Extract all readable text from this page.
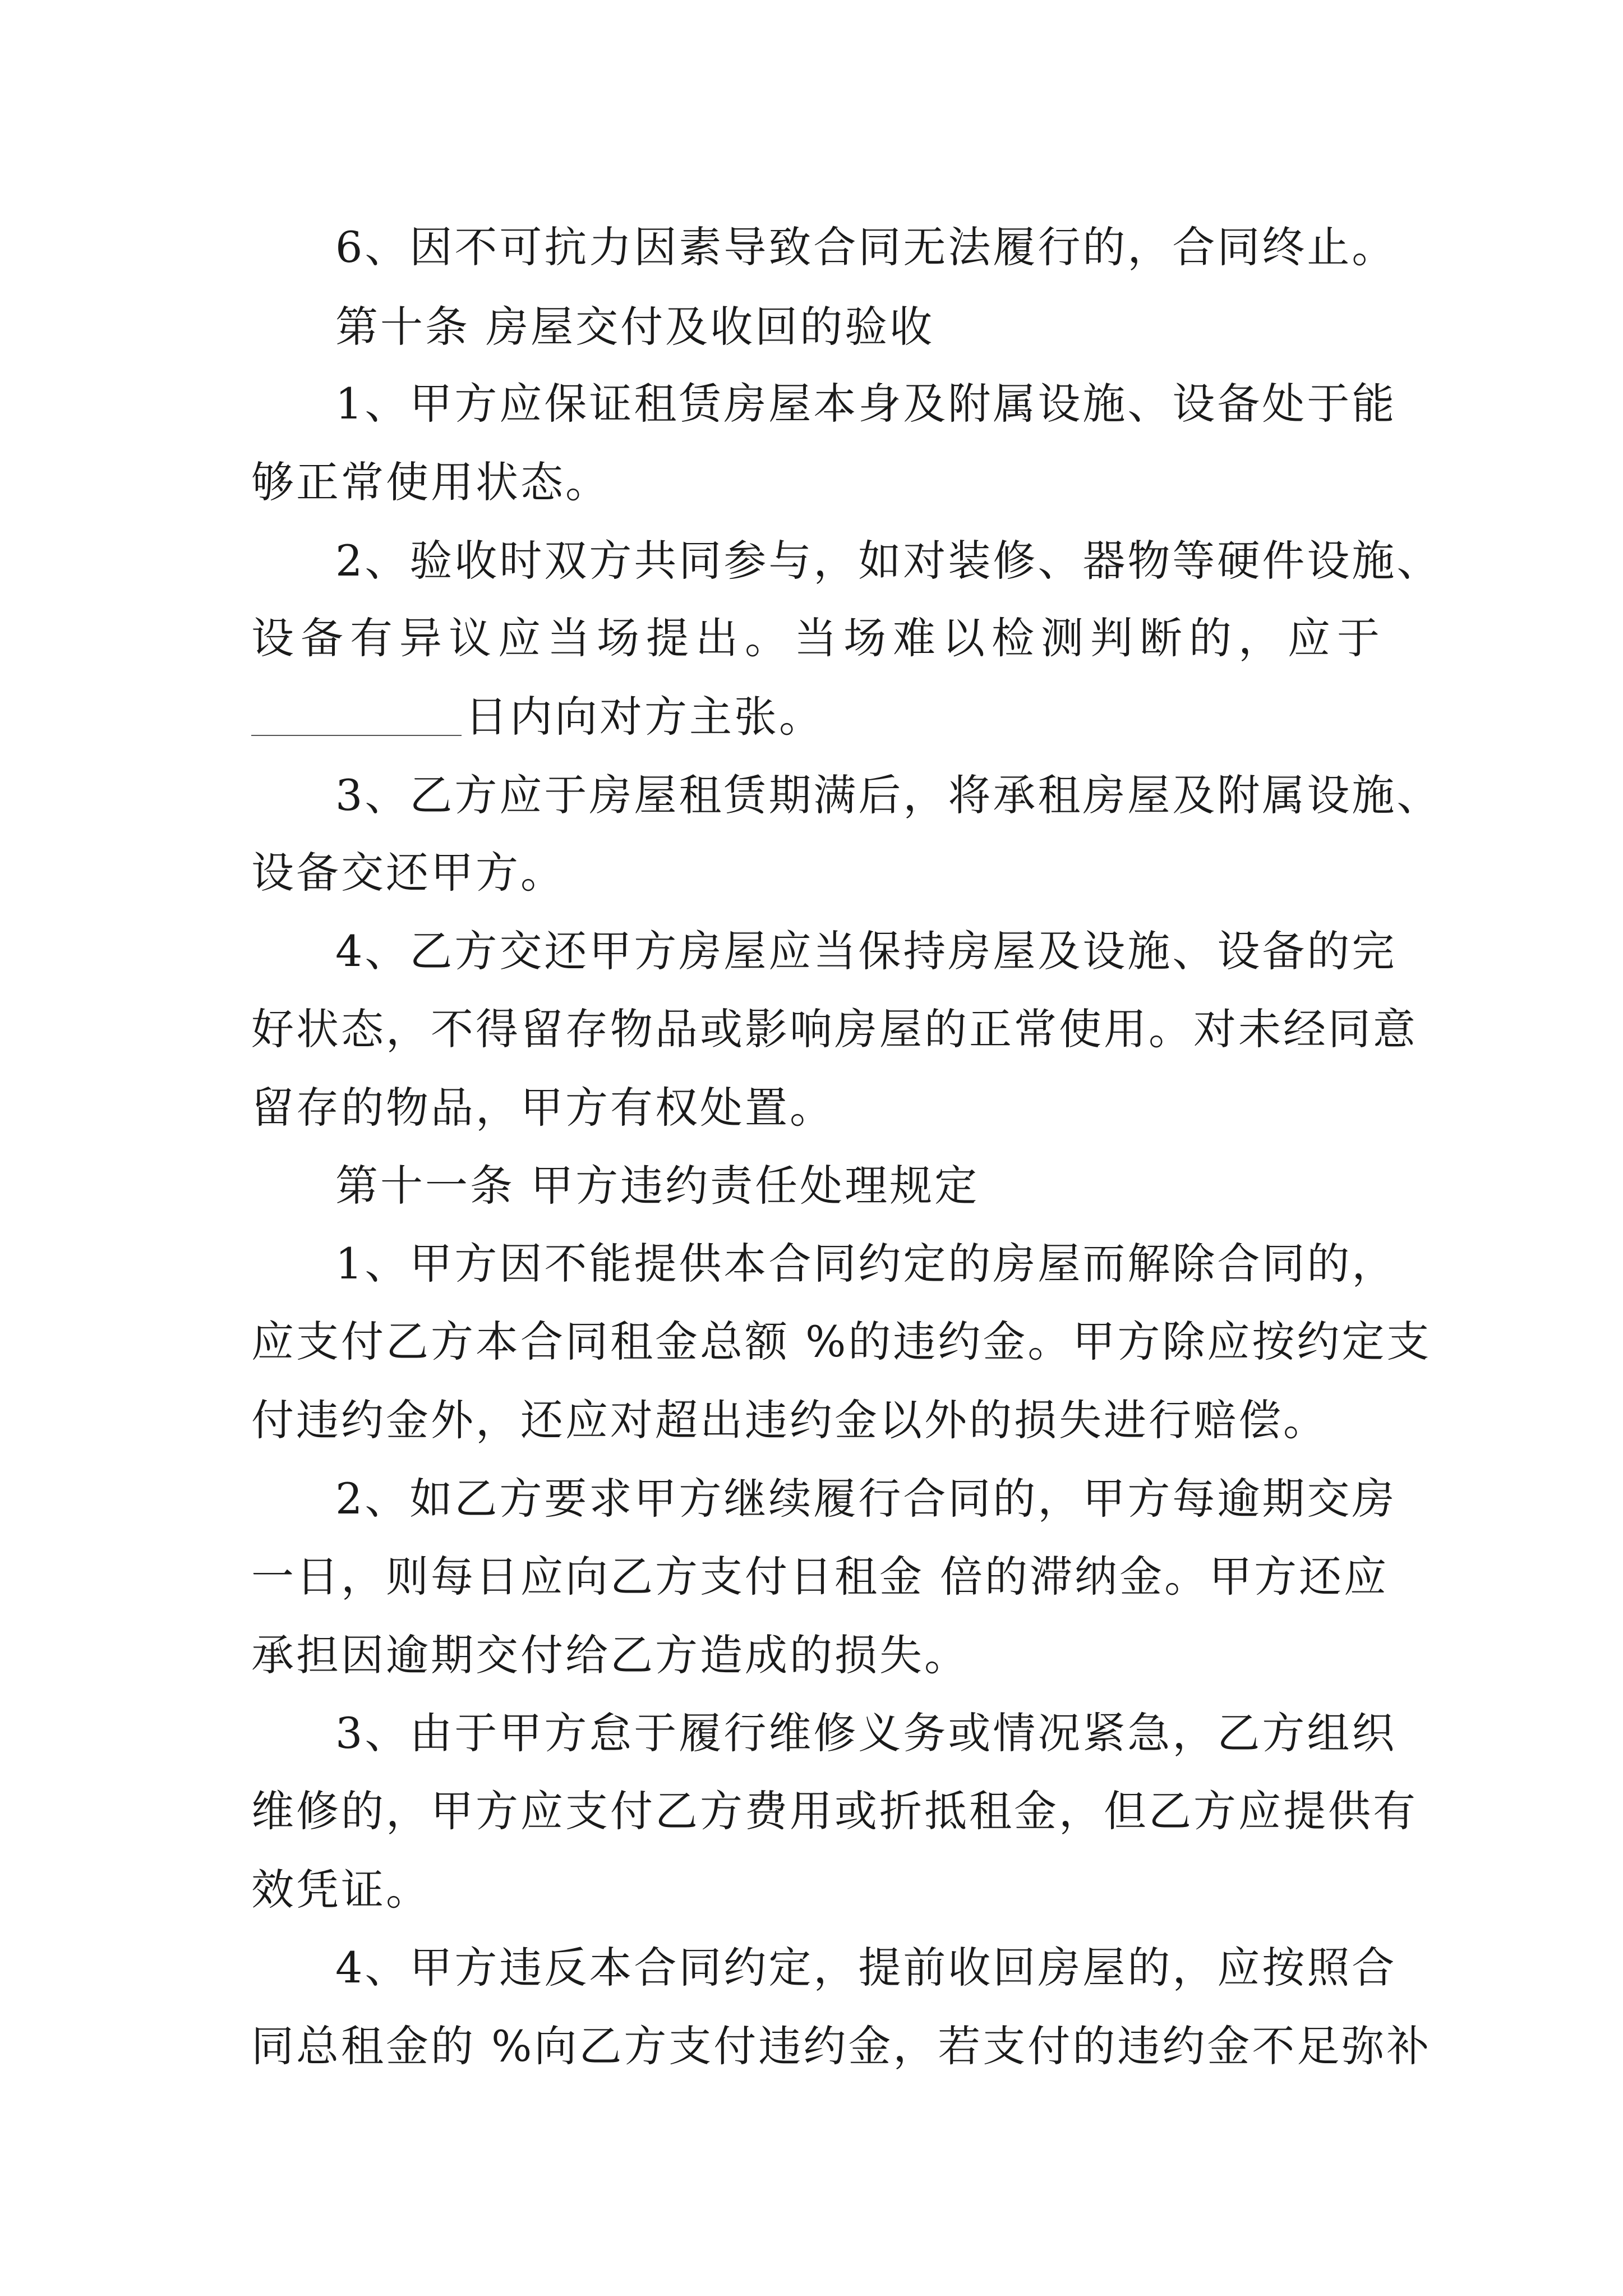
6、因不可抗力因素导致合同无法履行的，合同终止。
第十条 房屋交付及收回的验收
1、甲方应保证租赁房屋本身及附属设施、设备处于能
够正常使用状态。
2、验收时双方共同参与，如对装修、器物等硬件设施、
设备有异议应当场提出。当场难以检测判断的，应于
日内向对方主张。
3、乙方应于房屋租赁期满后，将承租房屋及附属设施、
设备交还甲方。
4、乙方交还甲方房屋应当保持房屋及设施、设备的完
好状态，不得留存物品或影响房屋的正常使用。对未经同意
留存的物品，甲方有权处置。
第十一条 甲方违约责任处理规定
1、甲方因不能提供本合同约定的房屋而解除合同的，
应支付乙方本合同租金总额 %的违约金。甲方除应按约定支
付违约金外，还应对超出违约金以外的损失进行赔偿。
2、如乙方要求甲方继续履行合同的，甲方每逾期交房
一日，则每日应向乙方支付日租金 倍的滞纳金。甲方还应
承担因逾期交付给乙方造成的损失。
3、由于甲方怠于履行维修义务或情况紧急，乙方组织
维修的，甲方应支付乙方费用或折抵租金，但乙方应提供有
效凭证。
4、甲方违反本合同约定，提前收回房屋的，应按照合
同总租金的 %向乙方支付违约金，若支付的违约金不足弥补
